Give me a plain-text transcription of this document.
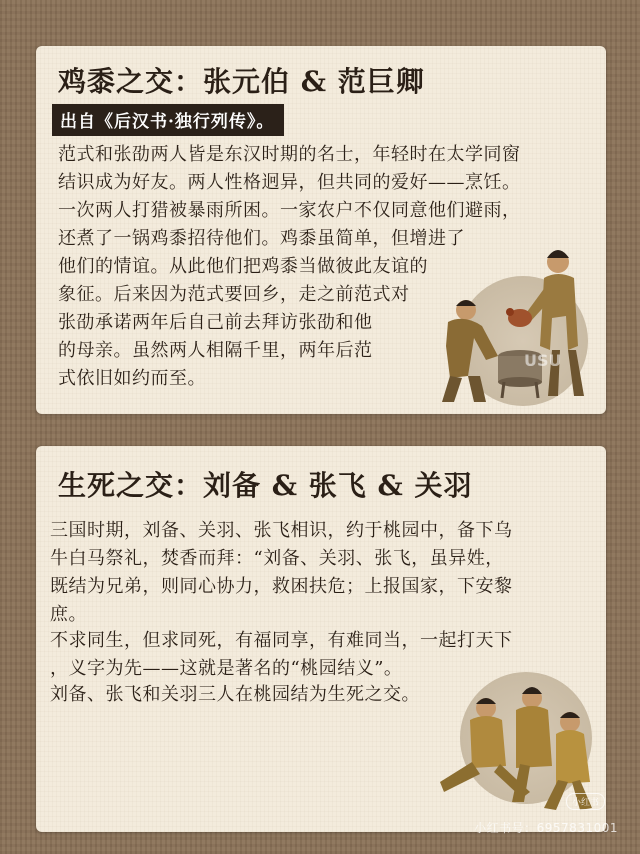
鸡黍之交：张元伯 & 范巨卿
出自《后汉书·独行列传》。
范式和张劭两人皆是东汉时期的名士，年轻时在太学同窗
结识成为好友。两人性格迥异，但共同的爱好——烹饪。
一次两人打猎被暴雨所困。一家农户不仅同意他们避雨，
还煮了一锅鸡黍招待他们。鸡黍虽简单，但增进了
他们的情谊。从此他们把鸡黍当做彼此友谊的
象征。后来因为范式要回乡，走之前范式对
张劭承诺两年后自己前去拜访张劭和他
的母亲。虽然两人相隔千里，两年后范
式依旧如约而至。
USU
生死之交：刘备 & 张飞 & 关羽
三国时期，刘备、关羽、张飞相识，约于桃园中，备下乌
牛白马祭礼，焚香而拜：“刘备、关羽、张飞，虽异姓，
既结为兄弟，则同心协力，救困扶危；上报国家，下安黎
庶。
不求同生，但求同死，有福同享，有难同当，一起打天下
，义字为先——这就是著名的“桃园结义”。
刘备、张飞和关羽三人在桃园结为生死之交。
小红书
小红书号：6957831001
